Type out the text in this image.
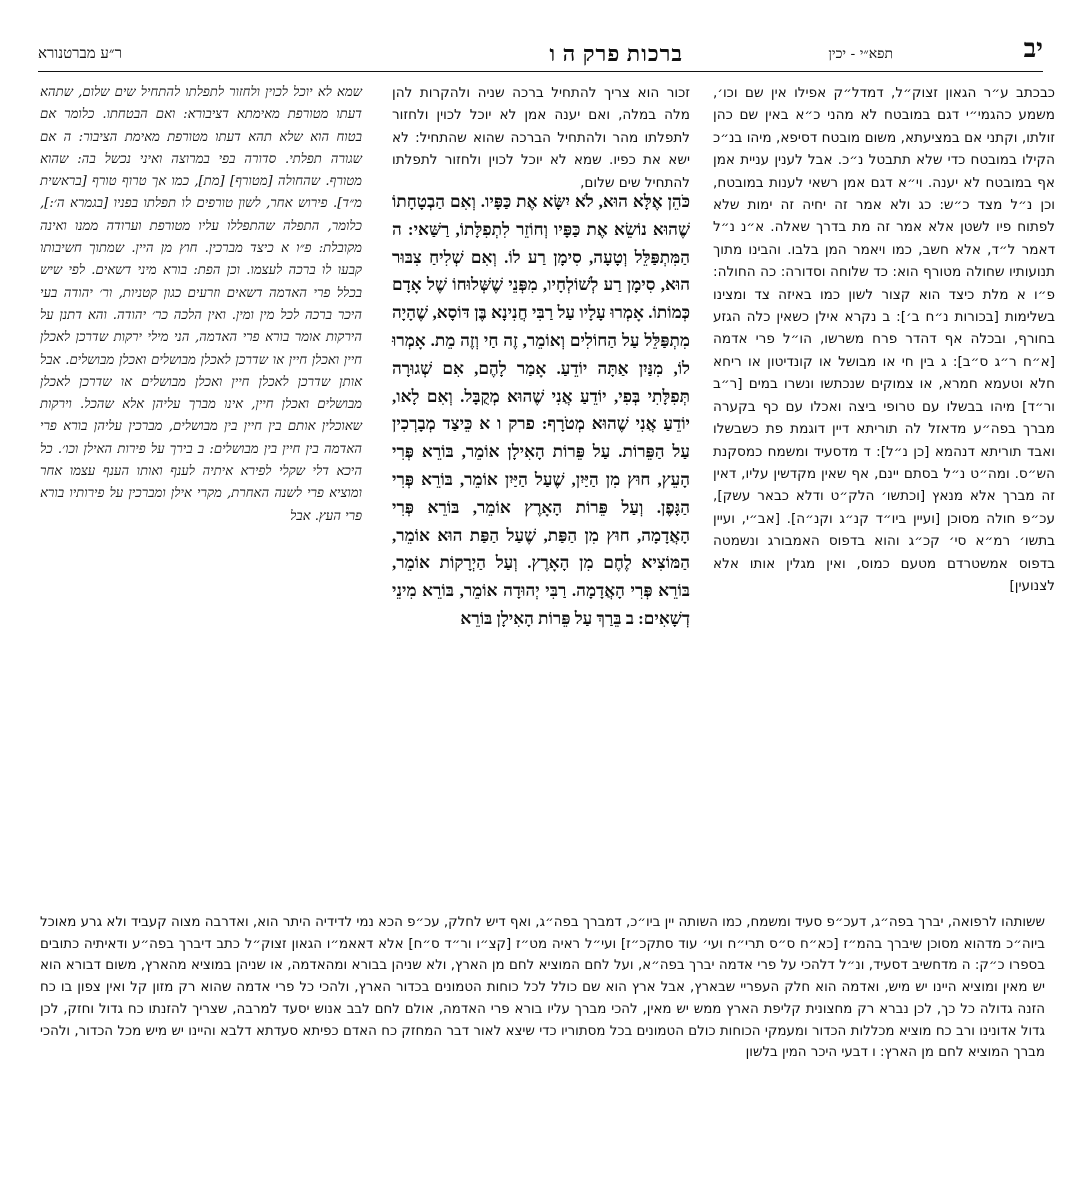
יב
תפא״י - יכין
ברכות פרק ה ו
ר״ע מברטנורא

זכור הוא צריך להתחיל ברכה שניה ולהקרות להן מלה במלה, ואם יענה אמן לא יוכל לכוין ולחזור לתפלתו מהר ולהתחיל הברכה שהוא שהתחיל: לא ישא את כפיו. שמא לא יוכל לכוין ולחזור לתפלתו להתחיל שים שלום,

כבכתב ע״ר הגאון זצוק״ל, דמדל״ק אפילו אין שם וכו׳, משמע כהגמי״י דגם במובטח לא מהני כ״א באין שם כהן זולתו, וקתני אם במציעתא, משום מובטח דסיפא, מיהו בנ״כ הקילו במובטח כדי שלא תתבטל נ״כ. אבל לענין עניית אמן אף במובטח לא יענה. וי״א דגם אמן רשאי לענות במובטח, וכן נ״ל מצד כ״ש: כג ולא אמר זה יחיה זה ימות שלא לפתוח פיו לשטן אלא אמר זה מת בדרך שאלה. א״נ נ״ל דאמר ל״ד, אלא חשב, כמו ויאמר המן בלבו. והבינו מתוך תנועותיו שחולה מטורף הוא: כד שלוחה וסדורה: כה החולה: פ״ו א מלת כיצד הוא קצור לשון כמו באיזה צד ומצינו בשלימות [בכורות נ״ח ב׳]: ב נקרא אילן כשאין כלה הגזע בחורף, ובכלה אף דהדר פרח משרשו, הו״ל פרי אדמה [א״ח ר״ג ס״ב]: ג בין חי או מבושל או קונדיטון או ריחא חלא וטעמא חמרא, או צמוקים שנכתשו ונשרו במים [ר״ב ור״ד] מיהו בבשלו עם טרופי ביצה ואכלו עם כף בקערה מברך בפה״ע מדאזל לה תוריתא דיין דוגמת פת כשבשלו ואבד תוריתא דנהמא [כן נ״ל]: ד מדסעיד ומשמח כמסקנת הש״ס. ומה״ט נ״ל בסתם יינם, אף שאין מקדשין עליו, דאין זה מברך אלא מנאץ [וכתשו׳ הלק״ט ודלא כבאר עשק], עכ״פ חולה מסוכן [ועיין ביו״ד קנ״ג וקנ״ה]. [אב״י, ועיין בתשו׳ רמ״א סי׳ קכ״ג והוא בדפוס האמבורג ונשמטה בדפוס אמשטרדם מטעם כמוס, ואין מגלין אותו אלא לצנועין]

כֹּהֵן אֶלָּא הוּא, לֹא יִשָּׂא אֶת כַּפָּיו. וְאִם הַבְטָחָתוֹ שֶׁהוּא נוֹשֵׂא אֶת כַּפָּיו וְחוֹזֵר לִתְפִלָּתוֹ, רַשַּׁאי: ה הַמִּתְפַּלֵּל וְטָעָה, סִימָן רַע לוֹ. וְאִם שְׁלִיחַ צִבּוּר הוּא, סִימָן רַע לְשׁוֹלְחָיו, מִפְּנֵי שֶׁשְּׁלוּחוֹ שֶׁל אָדָם כְּמוֹתוֹ. אָמְרוּ עָלָיו עַל רַבִּי חֲנִינָא בֶּן דּוֹסָא, שֶׁהָיָה מִתְפַּלֵּל עַל הַחוֹלִים וְאוֹמֵר, זֶה חַי וְזֶה מֵת. אָמְרוּ לוֹ, מִנַּיִן אַתָּה יוֹדֵעַ. אָמַר לָהֶם, אִם שְׁגוּרָה תְּפִלָּתִי בְּפִי, יוֹדֵעַ אֲנִי שֶׁהוּא מְקֻבָּל. וְאִם לָאו, יוֹדֵעַ אֲנִי שֶׁהוּא מְטֹרָף: פרק ו א כֵּיצַד מְבָרְכִין עַל הַפֵּרוֹת. עַל פֵּרוֹת הָאִילָן אוֹמֵר, בּוֹרֵא פְּרִי הָעֵץ, חוּץ מִן הַיַּיִן, שֶׁעַל הַיַּיִן אוֹמֵר, בּוֹרֵא פְּרִי הַגָּפֶן. וְעַל פֵּרוֹת הָאָרֶץ אוֹמֵר, בּוֹרֵא פְּרִי הָאֲדָמָה, חוּץ מִן הַפַּת, שֶׁעַל הַפַּת הוּא אוֹמֵר, הַמּוֹצִיא לֶחֶם מִן הָאָרֶץ. וְעַל הַיְרָקוֹת אוֹמֵר, בּוֹרֵא פְּרִי הָאֲדָמָה. רַבִּי יְהוּדָה אוֹמֵר, בּוֹרֵא מִינֵי דְשָׁאִים: ב בֵּרַךְ עַל פֵּרוֹת הָאִילָן בּוֹרֵא

שמא לא יוכל לכוין ולחזור לתפלתו להתחיל שים שלום, שתהא דעתו מטורפת מאימתא דציבורא: ואם הבטחתו. כלומר אם בטוח הוא שלא תהא דעתו מטורפת מאימת הציבור: ה אם שגורה תפלתי. סדורה בפי במרוצה ואיני נכשל בה: שהוא מטורף. שהחולה [מטורף] [מת], כמו אך טרוף טורף [בראשית מ״ד]. פירוש אחר, לשון טורפים לו תפלתו בפניו [בגמרא ה׳:], כלומר, התפלה שהתפללו עליו מטורפת וערודה ממנו ואינה מקובלת: פ״ו א כיצד מברכין. חוץ מן היין. שמתוך חשיבותו קבעו לו ברכה לעצמו. וכן הפת: בורא מיני דשאים. לפי שיש בכלל פרי האדמה דשאים וזרעים כגון קטניות, ור׳ יהודה בעי היכר ברכה לכל מין ומין. ואין הלכה כר׳ יהודה. והא דתנן על הירקות אומר בורא פרי האדמה, הני מילי ירקות שדרכן לאכלן חיין ואכלן חיין או שדרכן לאכלן מבושלים ואכלן מבושלים. אבל אותן שדרכן לאכלן חיין ואכלן מבושלים או שדרכן לאכלן מבושלים ואכלן חיין, אינו מברך עליהן אלא שהכל. וירקות שאוכלין אותם בין חיין בין מבושלים, מברכין עליהן בורא פרי האדמה בין חיין בין מבושלים: ב בירך על פירות האילן וכו׳. כל היכא דלי שקלי לפירא איתיה לענף ואותו הענף עצמו אחר ומוציא פרי לשנה האחרת, מקרי אילן ומברכין על פירותיו בורא פרי העץ. אבל

ששותהו לרפואה, יברך בפה״ג, דעכ״פ סעיד ומשמח, כמו השותה יין ביו״כ, דמברך בפה״ג, ואף דיש לחלק, עכ״פ הכא נמי לדידיה היתר הוא, ואדרבה מצוה קעביד ולא גרע מאוכל ביוה״כ מדהוא מסוכן שיברך בהמ״ז [כא״ח ס״ס תרי״ח ועי׳ עוד סתקכ״ז] ועי״ל ראיה מט״ז [קצ״ו ור״ד ס״ח] אלא דאאמ״ו הגאון זצוק״ל כתב דיברך בפה״ע ודאיתיה כתובים בספרו כ״ק: ה מדחשיב דסעיד, ונ״ל דלהכי על פרי אדמה יברך בפה״א, ועל לחם המוציא לחם מן הארץ, ולא שניהן בבורא ומהאדמה, או שניהן במוציא מהארץ, משום דבורא הוא יש מאין ומוציא היינו יש מיש, ואדמה הוא חלק העפריי שבארץ, אבל ארץ הוא שם כולל לכל כוחות הטמונים בכדור הארץ, ולהכי כל פרי אדמה שהוא רק מזון קל ואין צפון בו כח הזנה גדולה כל כך, לכן נברא רק מחצונית קליפת הארץ ממש יש מאין, להכי מברך עליו בורא פרי האדמה, אולם לחם לבב אנוש יסעד למרבה, שצריך להזנתו כח גדול וחזק, לכן גדול אדונינו ורב כח מוציא מכללות הכדור ומעמקי הכוחות כולם הטמונים בכל מסתוריו כדי שיצא לאור דבר המחזק כח האדם כפיתא סעדתא דלבא והיינו יש מיש מכל הכדור, ולהכי מברך המוציא לחם מן הארץ: ו דבעי היכר המין בלשון
